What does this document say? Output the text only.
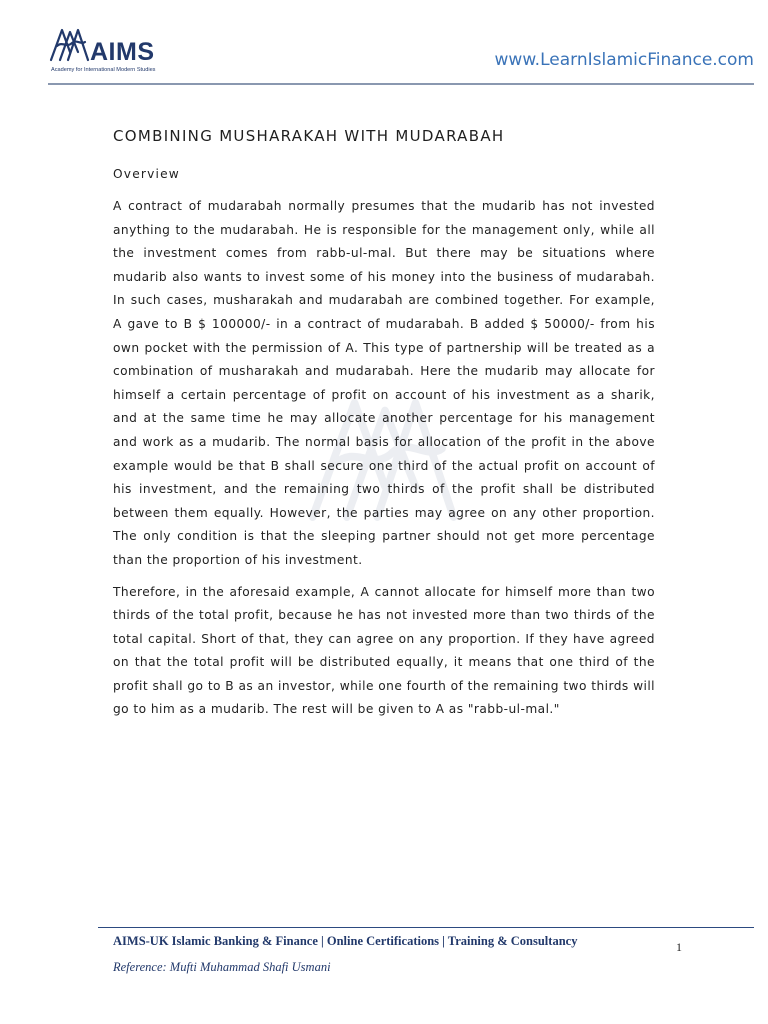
AIMS
Academy for International Modern Studies	www.LearnIslamicFinance.com
COMBINING MUSHARAKAH WITH MUDARABAH
Overview

A contract of mudarabah normally presumes that the mudarib has not invested anything to the mudarabah. He is responsible for the management only, while all the investment comes from rabb-ul-mal. But there may be situations where mudarib also wants to invest some of his money into the business of mudarabah. In such cases, musharakah and mudarabah are combined together. For example, A gave to B $ 100000/- in a contract of mudarabah. B added $ 50000/- from his own pocket with the permission of A. This type of partnership will be treated as a combination of musharakah and mudarabah. Here the mudarib may allocate for himself a certain percentage of profit on account of his investment as a sharik, and at the same time he may allocate another percentage for his management and work as a mudarib. The normal basis for allocation of the profit in the above example would be that B shall secure one third of the actual profit on account of his investment, and the remaining two thirds of the profit shall be distributed between them equally. However, the parties may agree on any other proportion. The only condition is that the sleeping partner should not get more percentage than the proportion of his investment.

Therefore, in the aforesaid example, A cannot allocate for himself more than two thirds of the total profit, because he has not invested more than two thirds of the total capital. Short of that, they can agree on any proportion. If they have agreed on that the total profit will be distributed equally, it means that one third of the profit shall go to B as an investor, while one fourth of the remaining two thirds will go to him as a mudarib. The rest will be given to A as "rabb-ul-mal."

AIMS-UK Islamic Banking & Finance | Online Certifications | Training & Consultancy
Reference: Mufti Muhammad Shafi Usmani
1
